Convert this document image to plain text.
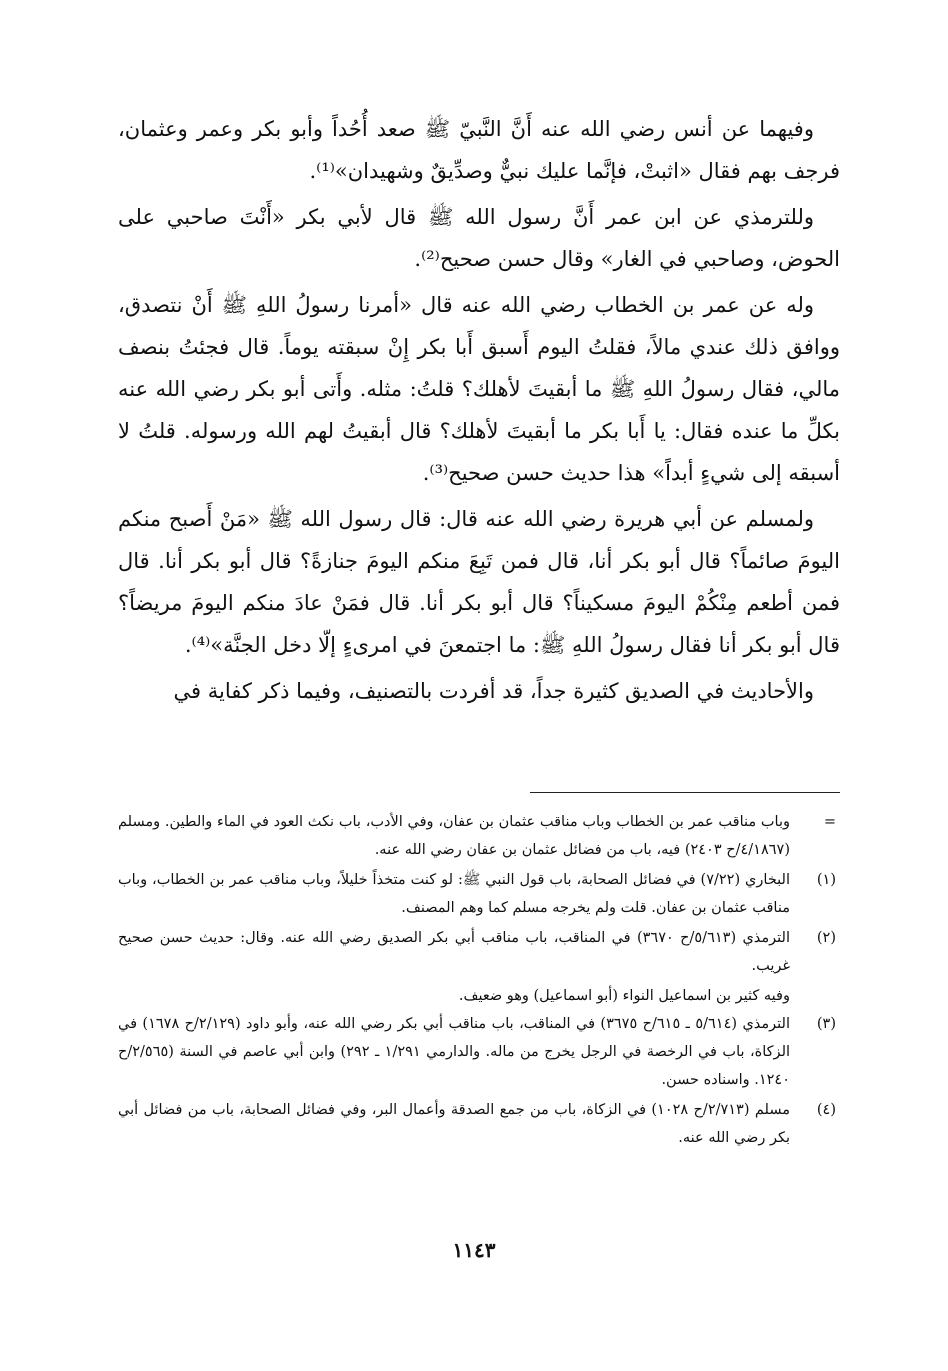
وفيهما عن أنس رضي الله عنه أَنَّ النَّبيّ ﷺ صعد أُحُداً وأبو بكر وعمر وعثمان، فرجف بهم فقال «اثبتْ، فإنَّما عليك نبيٌّ وصدِّيقٌ وشهيدان»⁽¹⁾.

وللترمذي عن ابن عمر أَنَّ رسول الله ﷺ قال لأبي بكر «أَنْتَ صاحبي على الحوض، وصاحبي في الغار» وقال حسن صحيح⁽²⁾.

وله عن عمر بن الخطاب رضي الله عنه قال «أمرنا رسولُ اللهِ ﷺ أَنْ نتصدق، ووافق ذلك عندي مالاً، فقلتُ اليوم أَسبق أَبا بكر إِنْ سبقته يوماً. قال فجئتُ بنصف مالي، فقال رسولُ اللهِ ﷺ ما أبقيتَ لأهلك؟ قلتُ: مثله. وأَتى أبو بكر رضي الله عنه بكلِّ ما عنده فقال: يا أَبا بكر ما أبقيتَ لأهلك؟ قال أبقيتُ لهم الله ورسوله. قلتُ لا أسبقه إلى شيءٍ أبداً» هذا حديث حسن صحيح⁽³⁾.

ولمسلم عن أبي هريرة رضي الله عنه قال: قال رسول الله ﷺ «مَنْ أَصبح منكم اليومَ صائماً؟ قال أبو بكر أنا، قال فمن تَبِعَ منكم اليومَ جنازةً؟ قال أبو بكر أنا. قال فمن أطعم مِنْكُمْ اليومَ مسكيناً؟ قال أبو بكر أنا. قال فمَنْ عادَ منكم اليومَ مريضاً؟ قال أبو بكر أنا فقال رسولُ اللهِ ﷺ: ما اجتمعنَ في امرىءٍ إلّا دخل الجنَّة»⁽⁴⁾.

والأحاديث في الصديق كثيرة جداً، قد أفردت بالتصنيف، وفيما ذكر كفاية في

=
وباب مناقب عمر بن الخطاب وباب مناقب عثمان بن عفان، وفي الأدب، باب نكث العود في الماء والطين. ومسلم (٤/١٨٦٧/ح ٢٤٠٣) فيه، باب من فضائل عثمان بن عفان رضي الله عنه.
(١)
البخاري (٧/٢٢) في فضائل الصحابة، باب قول النبي ﷺ: لو كنت متخذاً خليلاً، وباب مناقب عمر بن الخطاب، وباب مناقب عثمان بن عفان. قلت ولم يخرجه مسلم كما وهم المصنف.
(٢)
الترمذي (٥/٦١٣/ح ٣٦٧٠) في المناقب، باب مناقب أبي بكر الصديق رضي الله عنه. وقال: حديث حسن صحيح غريب.
وفيه كثير بن اسماعيل النواء (أبو اسماعيل) وهو ضعيف.
(٣)
الترمذي (٥/٦١٤ ـ ٦١٥/ح ٣٦٧٥) في المناقب، باب مناقب أبي بكر رضي الله عنه، وأبو داود (٢/١٢٩/ح ١٦٧٨) في الزكاة، باب في الرخصة في الرجل يخرج من ماله. والدارمي ١/٢٩١ ـ ٢٩٢) وابن أبي عاصم في السنة (٢/٥٦٥/ح ١٢٤٠. واسناده حسن.
(٤)
مسلم (٢/٧١٣/ح ١٠٢٨) في الزكاة، باب من جمع الصدقة وأعمال البر، وفي فضائل الصحابة، باب من فضائل أبي بكر رضي الله عنه.
١١٤٣
